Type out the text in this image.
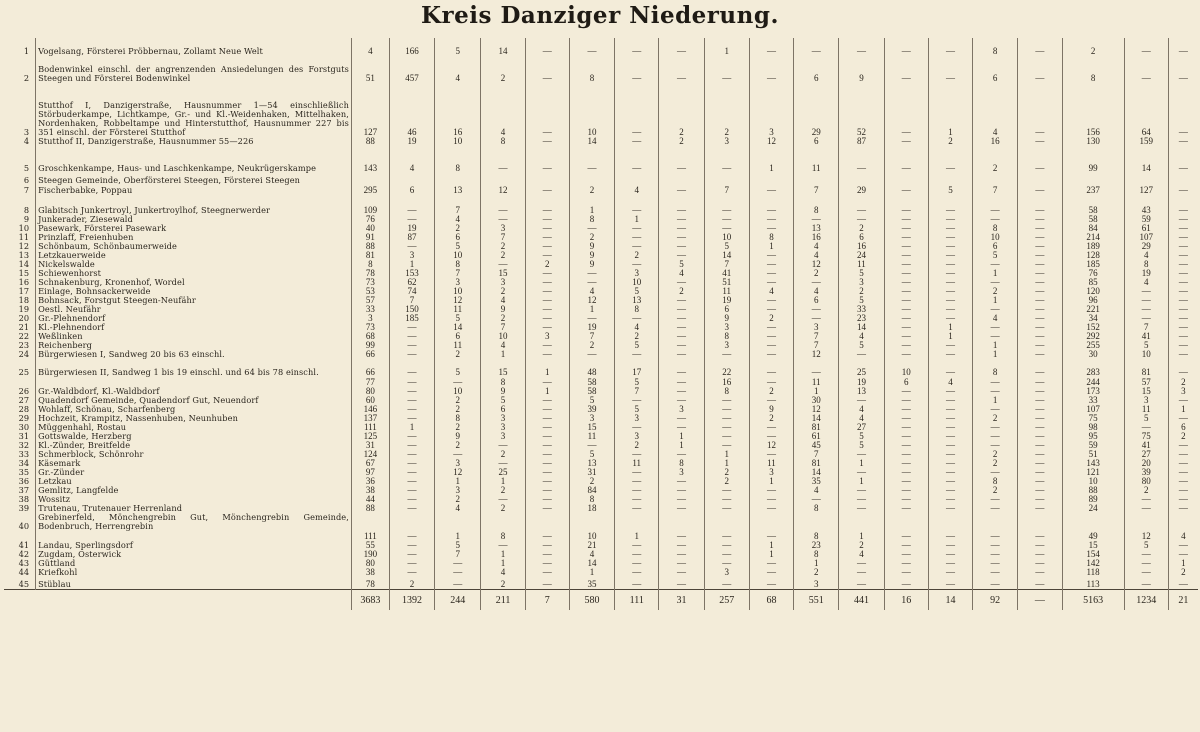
Kreis Danziger Niederung.
1	Vogelsang, Försterei Pröbbernau, Zollamt Neue Welt	4	166	5	14	—	—	—	—	1	—	—	—	—	—	8	—	2	—	—
2	Bodenwinkel einschl. der angrenzenden Ansiedelungen des Forstguts Steegen und Försterei Bodenwinkel	51	457	4	2	—	8	—	—	—	—	6	9	—	—	6	—	8	—	—
3	Stutthof I, Danzigerstraße, Hausnummer 1—54 einschließlich Störbuderkampe, Lichtkampe, Gr.- und Kl.-Weidenhaken, Mittelhaken, Nordenhaken, Robbeltampe und Hinterstutthof, Hausnummer 227 bis 351 einschl. der Försterei Stutthof	127	46	16	4	—	10	—	2	2	3	29	52	—	1	4	—	156	64	—
4	Stutthof II, Danzigerstraße, Hausnummer 55—226	88	19	10	8	—	14	—	2	3	12	6	87	—	2	16	—	130	159	—
5	Groschkenkampe, Haus- und Laschkenkampe, Neukrügerskampe	143	4	8	—	—	—	—	—	—	1	11	—	—	—	2	—	99	14	—
6	Steegen Gemeinde, Oberförsterei Steegen, Försterei Steegen																			
7	Fischerbabke, Poppau	295	6	13	12	—	2	4	—	7	—	7	29	—	5	7	—	237	127	—
8	Glabitsch Junkertroyl, Junkertroylhof, Steegnerwerder	109	—	7	—	—	1	—	—	—	—	8	—	—	—	—	—	58	43	—
9	Junkerader, Ziesewald	76	—	4	—	—	8	1	—	—	—	—	—	—	—	—	—	58	59	—
10	Pasewark, Försterei Pasewark	40	19	2	3	—	—	—	—	—	—	13	2	—	—	8	—	84	61	—
11	Prinzlaff, Freienhuben	91	87	6	7	—	2	—	—	10	8	16	6	—	—	10	—	214	107	—
12	Schönbaum, Schönbaumerweide	88	—	5	2	—	9	—	—	5	1	4	16	—	—	6	—	189	29	—
13	Letzkauerweide	81	3	10	2	—	9	2	—	14	—	4	24	—	—	5	—	128	4	—
14	Nickelswalde	8	1	8	—	2	9	—	5	7	—	12	11	—	—	—	—	185	8	—
15	Schiewenhorst	78	153	7	15	—	—	3	4	41	—	2	5	—	—	1	—	76	19	—
16	Schnakenburg, Kronenhof, Wordel	73	62	3	3	—	—	10	—	51	—	—	3	—	—	—	—	85	4	—
17	Einlage, Bohnsackerweide	53	74	10	2	—	4	5	2	11	4	4	2	—	—	2	—	120	—	—
18	Bohnsack, Forstgut Steegen-Neufähr	57	7	12	4	—	12	13	—	19	—	6	5	—	—	1	—	96	—	—
19	Oestl. Neufähr	33	150	11	9	—	1	8	—	6	—	—	33	—	—	—	—	221	—	—
20	Gr.-Plehnendorf	3	185	5	2	—	—	—	—	9	2	—	23	—	—	4	—	34	—	—
21	Kl.-Plehnendorf	73	—	14	7	—	19	4	—	3	—	3	14	—	1	—	—	152	7	—
22	Weßlinken	68	—	6	10	3	7	2	—	8	—	7	4	—	1	—	—	292	41	—
23	Reichenberg	99	—	11	4	—	2	5	—	3	—	7	5	—	—	1	—	255	5	—
24	Bürgerwiesen I, Sandweg 20 bis 63 einschl.	66	—	2	1	—	—	—	—	—	—	12	—	—	—	1	—	30	10	—
25	Bürgerwiesen II, Sandweg 1 bis 19 einschl. und 64 bis 78 einschl.	66	—	5	15	1	48	17	—	22	—	—	25	10	—	8	—	283	81	—
		77	—	—	8	—	58	5	—	16	—	11	19	6	4	—	—	244	57	2
26	Gr.-Waldbdorf, Kl.-Waldbdorf	80	—	10	9	1	58	7	—	8	2	1	13	—	—	—	—	173	15	3
27	Quadendorf Gemeinde, Quadendorf Gut, Neuendorf	60	—	2	5	—	5	—	—	—	—	30	—	—	—	1	—	33	3	—
28	Wohlaff, Schönau, Scharfenberg	146	—	2	6	—	39	5	3	—	9	12	4	—	—	—	—	107	11	1
29	Hochzeit, Krampitz, Nassenhuben, Neunhuben	137	—	8	3	—	3	3	—	—	2	14	4	—	—	2	—	75	5	—
30	Müggenhahl, Rostau	111	1	2	3	—	15	—	—	—	—	81	27	—	—	—	—	98	—	6
31	Gottswalde, Herzberg	125	—	9	3	—	11	3	1	—	—	61	5	—	—	—	—	95	75	2
32	Kl.-Zünder, Breitfelde	31	—	2	—	—	—	2	1	—	12	45	5	—	—	—	—	59	41	—
33	Schmerblock, Schönrohr	124	—	—	2	—	5	—	—	1	—	7	—	—	—	2	—	51	27	—
34	Käsemark	67	—	3	—	—	13	11	8	1	11	81	1	—	—	2	—	143	20	—
35	Gr.-Zünder	97	—	12	25	—	31	—	3	2	3	14	—	—	—	—	—	121	39	—
36	Letzkau	36	—	1	1	—	2	—	—	2	1	35	1	—	—	8	—	10	80	—
37	Gemlitz, Langfelde	38	—	3	2	—	84	—	—	—	—	4	—	—	—	2	—	88	2	—
38	Wossitz	44	—	2	—	—	8	—	—	—	—	—	—	—	—	—	—	89	—	—
39	Trutenau, Trutenauer Herrenland	88	—	4	2	—	18	—	—	—	—	8	—	—	—	—	—	24	—	—
40	Grebinerfeld, Mönchengrebin Gut, Mönchengrebin Gemeinde, Bodenbruch, Herrengrebin																			
		111	—	1	8	—	10	1	—	—	—	8	1	—	—	—	—	49	12	4
41	Landau, Sperlingsdorf	55	—	5	—	—	21	—	—	—	1	23	2	—	—	—	—	15	5	—
42	Zugdam, Osterwick	190	—	7	1	—	4	—	—	—	1	8	4	—	—	—	—	154	—	—
43	Güttland	80	—	—	1	—	14	—	—	—	—	1	—	—	—	—	—	142	—	1
44	Kriefkohl	38	—	—	4	—	1	—	—	3	—	2	—	—	—	—	—	118	—	2
45	Stüblau	78	2	—	2	—	35	—	—	—	—	3	—	—	—	—	—	113	—	—
		3683	1392	244	211	7	580	111	31	257	68	551	441	16	14	92	—	5163	1234	21
